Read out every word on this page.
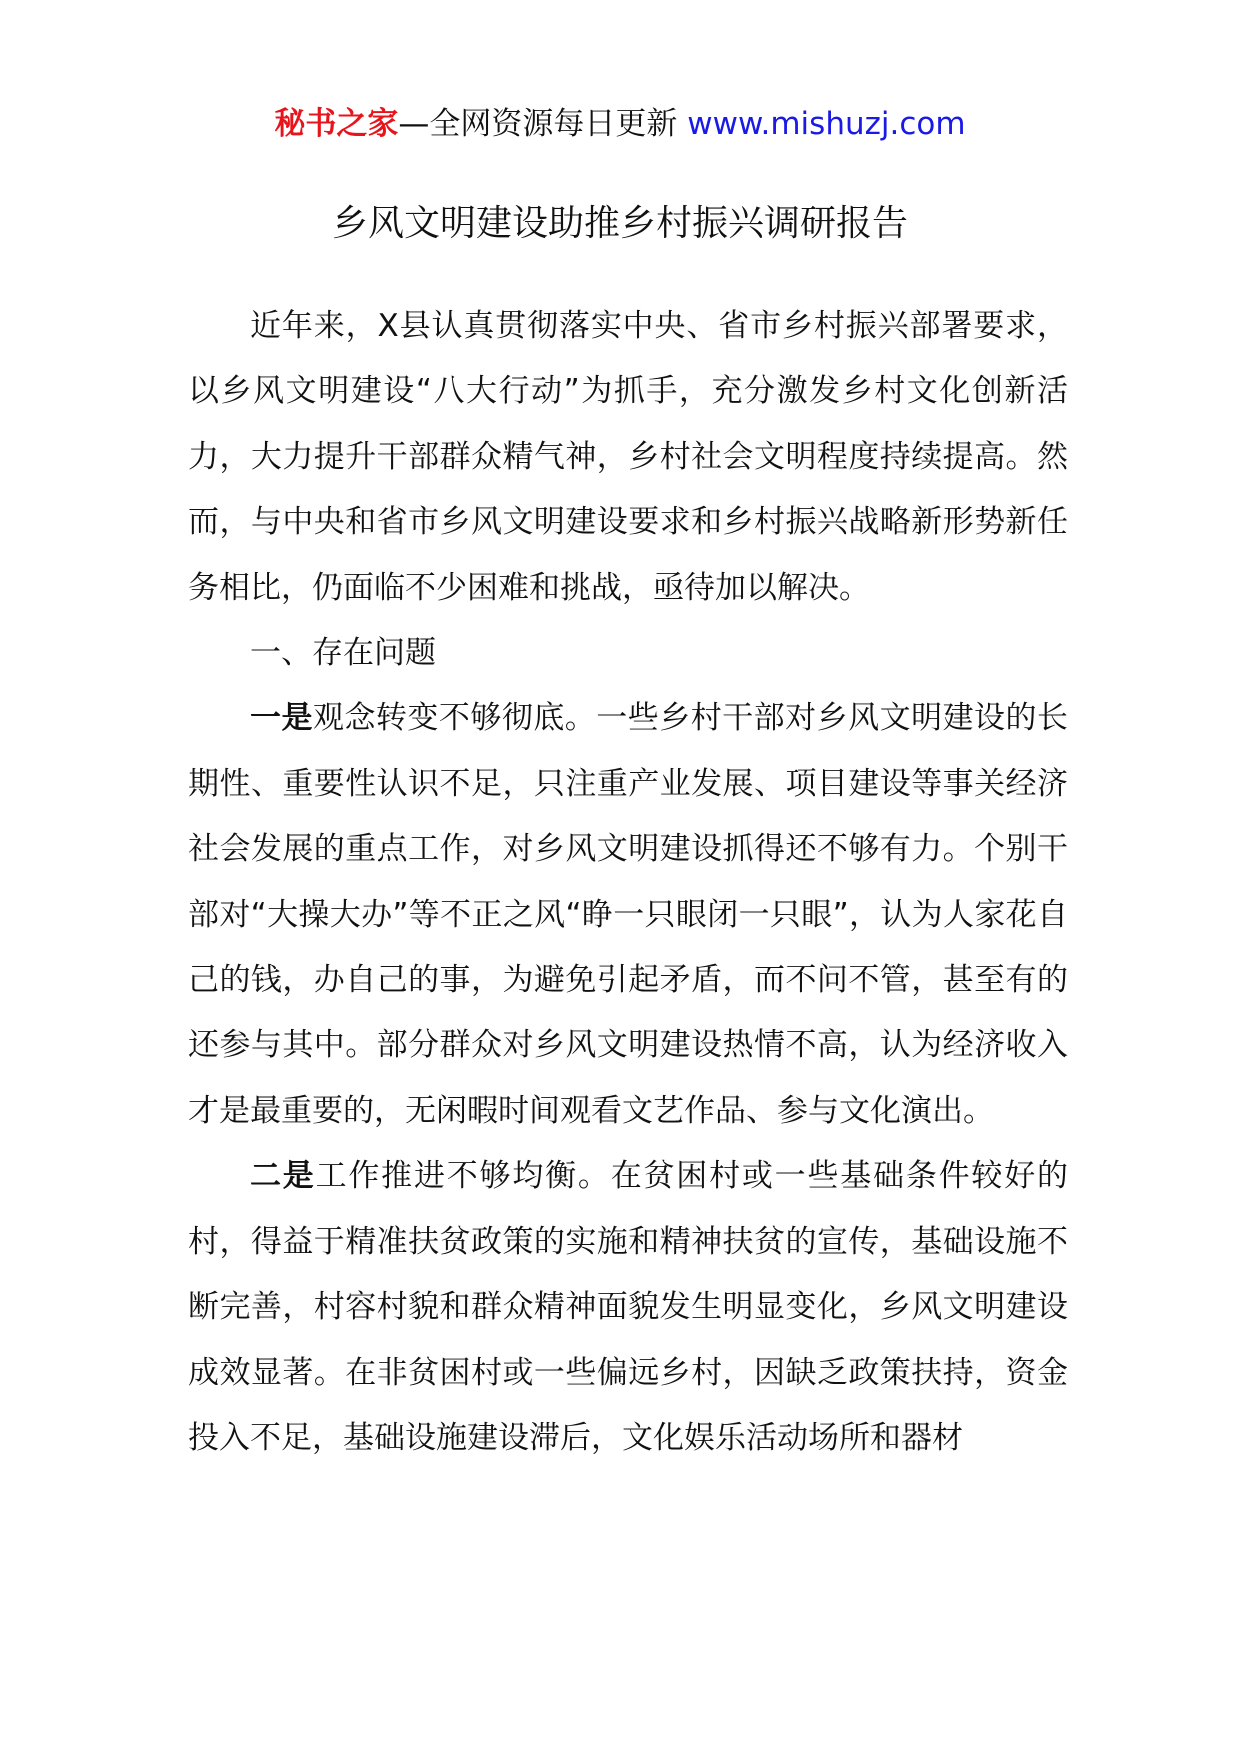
秘书之家—全网资源每日更新 www.mishuzj.com
乡风文明建设助推乡村振兴调研报告

近年来，X县认真贯彻落实中央、省市乡村振兴部署要求，以乡风文明建设“八大行动”为抓手，充分激发乡村文化创新活力，大力提升干部群众精气神，乡村社会文明程度持续提高。然而，与中央和省市乡风文明建设要求和乡村振兴战略新形势新任务相比，仍面临不少困难和挑战，亟待加以解决。

一、存在问题

一是观念转变不够彻底。一些乡村干部对乡风文明建设的长期性、重要性认识不足，只注重产业发展、项目建设等事关经济社会发展的重点工作，对乡风文明建设抓得还不够有力。个别干部对“大操大办”等不正之风“睁一只眼闭一只眼”，认为人家花自己的钱，办自己的事，为避免引起矛盾，而不问不管，甚至有的还参与其中。部分群众对乡风文明建设热情不高，认为经济收入才是最重要的，无闲暇时间观看文艺作品、参与文化演出。

二是工作推进不够均衡。在贫困村或一些基础条件较好的村，得益于精准扶贫政策的实施和精神扶贫的宣传，基础设施不断完善，村容村貌和群众精神面貌发生明显变化，乡风文明建设成效显著。在非贫困村或一些偏远乡村，因缺乏政策扶持，资金投入不足，基础设施建设滞后，文化娱乐活动场所和器材
